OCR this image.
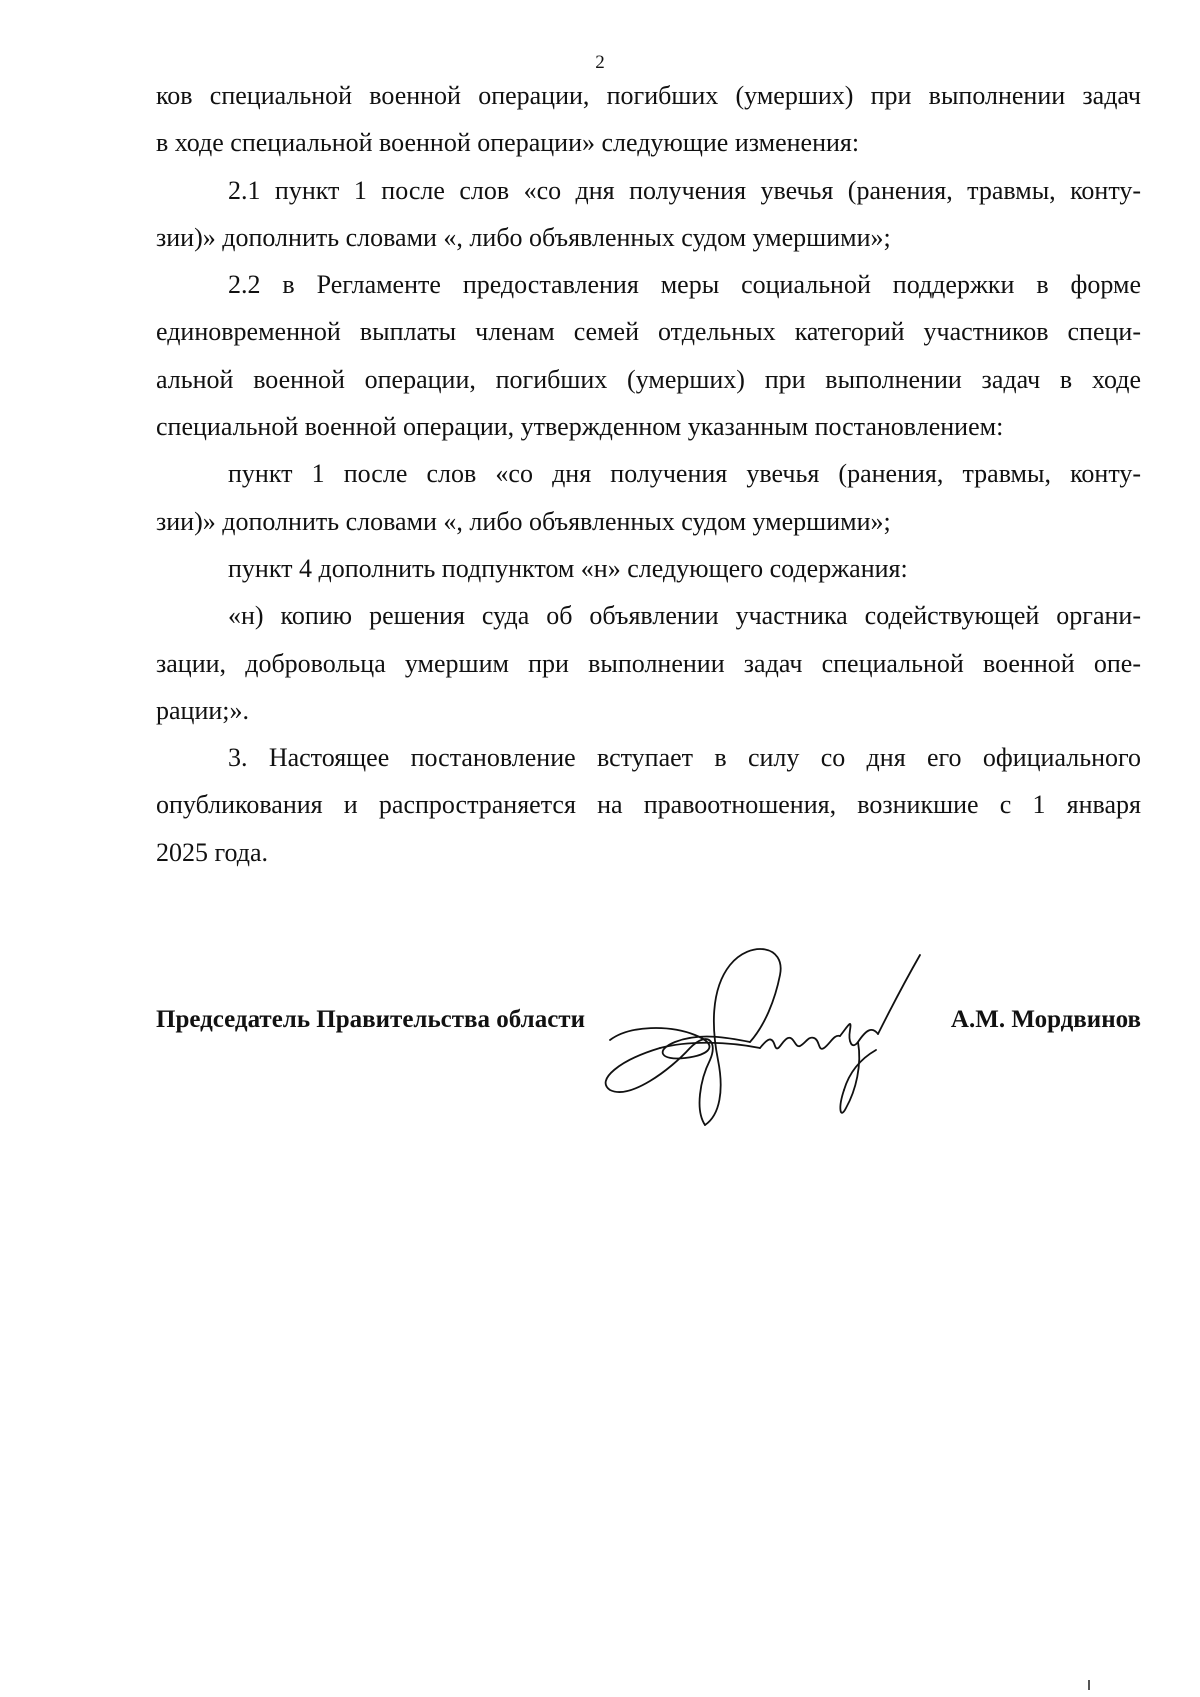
2
ков специальной военной операции, погибших (умерших) при выполнении задач
в ходе специальной военной операции» следующие изменения:
2.1 пункт 1 после слов «со дня получения увечья (ранения, травмы, конту-
зии)» дополнить словами «, либо объявленных судом умершими»;
2.2 в Регламенте предоставления меры социальной поддержки в форме
единовременной выплаты членам семей отдельных категорий участников специ-
альной военной операции, погибших (умерших) при выполнении задач в ходе
специальной военной операции, утвержденном указанным постановлением:
пункт 1 после слов «со дня получения увечья (ранения, травмы, конту-
зии)» дополнить словами «, либо объявленных судом умершими»;
пункт 4 дополнить подпунктом «н» следующего содержания:
«н) копию решения суда об объявлении участника содействующей органи-
зации, добровольца умершим при выполнении задач специальной военной опе-
рации;».
3. Настоящее постановление вступает в силу со дня его официального
опубликования и распространяется на правоотношения, возникшие с 1 января
2025 года.
Председатель Правительства области	А.М. Мордвинов
